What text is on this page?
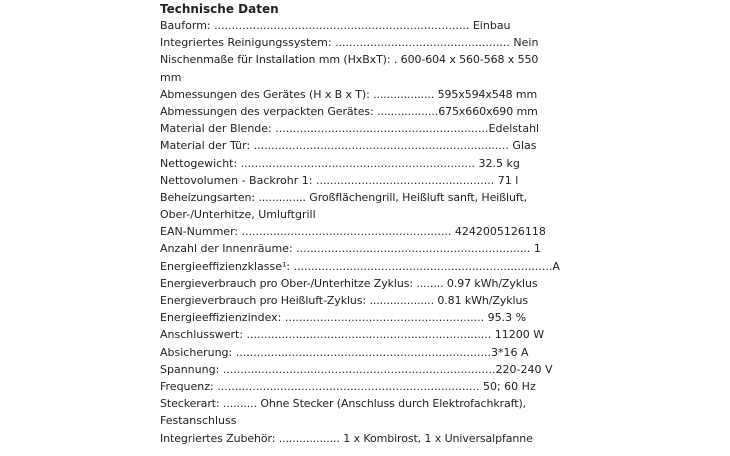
Technische Daten
Bauform: ......................................................................... Einbau
Integriertes Reinigungssystem: .................................................. Nein
Nischenmaße für Installation mm (HxBxT): . 600-604 x 560-568 x 550
mm
Abmessungen des Gerätes (H x B x T): .................. 595x594x548 mm
Abmessungen des verpackten Gerätes: ..................675x660x690 mm
Material der Blende: .............................................................Edelstahl
Material der Tür: ......................................................................... Glas
Nettogewicht: ................................................................... 32.5 kg
Nettovolumen - Backrohr 1: ................................................... 71 l
Beheizungsarten: .............. Großflächengrill, Heißluft sanft, Heißluft,
Ober-/Unterhitze, Umluftgrill
EAN-Nummer: ............................................................ 4242005126118
Anzahl der Innenräume: ................................................................... 1
Energieeffizienzklasse¹: ..........................................................................A
Energieverbrauch pro Ober-/Unterhitze Zyklus: ........ 0.97 kWh/Zyklus
Energieverbrauch pro Heißluft-Zyklus: ................... 0.81 kWh/Zyklus
Energieeffizienzindex: ......................................................... 95.3 %
Anschlusswert: ...................................................................... 11200 W
Absicherung: .........................................................................3*16 A
Spannung: ..............................................................................220-240 V
Frequenz: ........................................................................... 50; 60 Hz
Steckerart: .......... Ohne Stecker (Anschluss durch Elektrofachkraft),
Festanschluss
Integriertes Zubehör: .................. 1 x Kombirost, 1 x Universalpfanne
